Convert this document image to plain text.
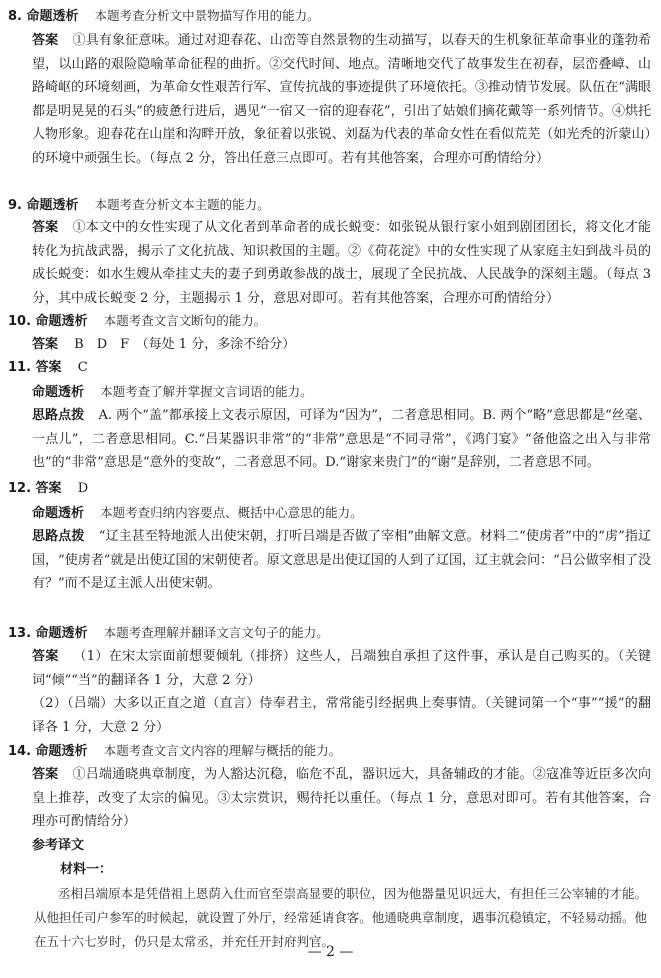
8. 命题透析 本题考查分析文中景物描写作用的能力。

答案 ①具有象征意味。通过对迎春花、山峦等自然景物的生动描写，以春天的生机象征革命事业的蓬勃希望，以山路的艰险隐喻革命征程的曲折。②交代时间、地点。清晰地交代了故事发生在初春，层峦叠嶂、山路崎岖的环境刻画，为革命女性艰苦行军、宣传抗战的事迹提供了环境依托。③推动情节发展。队伍在“满眼都是明晃晃的石头”的疲惫行进后，遇见“一宿又一宿的迎春花”，引出了姑娘们摘花戴等一系列情节。④烘托人物形象。迎春花在山崖和沟畔开放，象征着以张锐、刘磊为代表的革命女性在看似荒芜（如光秃的沂蒙山）的环境中顽强生长。（每点 2 分，答出任意三点即可。若有其他答案，合理亦可酌情给分）

9. 命题透析 本题考查分析文本主题的能力。

答案 ①本文中的女性实现了从文化者到革命者的成长蜕变：如张锐从银行家小姐到剧团团长，将文化才能转化为抗战武器，揭示了文化抗战、知识救国的主题。②《荷花淀》中的女性实现了从家庭主妇到战斗员的成长蜕变：如水生嫂从牵挂丈夫的妻子到勇敢参战的战士，展现了全民抗战、人民战争的深刻主题。（每点 3 分，其中成长蜕变 2 分，主题揭示 1 分，意思对即可。若有其他答案，合理亦可酌情给分）

10. 命题透析 本题考查文言文断句的能力。

答案 B　D　F　（每处 1 分，多涂不给分）

11. 答案 C

命题透析 本题考查了解并掌握文言词语的能力。

思路点拨 A. 两个“盖”都承接上文表示原因，可译为“因为”，二者意思相同。B. 两个“略”意思都是“丝毫、一点儿”，二者意思相同。C.“吕某器识非常”的“非常”意思是“不同寻常”，《鸿门宴》“备他盗之出入与非常也”的“非常”意思是“意外的变故”，二者意思不同。D.“谢家来贵门”的“谢”是辞别，二者意思不同。

12. 答案 D

命题透析 本题考查归纳内容要点、概括中心意思的能力。

思路点拨 “辽主甚至特地派人出使宋朝，打听吕端是否做了宰相”曲解文意。材料二“使虏者”中的“虏”指辽国，“使虏者”就是出使辽国的宋朝使者。原文意思是出使辽国的人到了辽国，辽主就会问：“吕公做宰相了没有？”而不是辽主派人出使宋朝。

13. 命题透析 本题考查理解并翻译文言文句子的能力。

答案 （1）在宋太宗面前想要倾轧（排挤）这些人，吕端独自承担了这件事，承认是自己购买的。（关键词“倾”“当”的翻译各 1 分，大意 2 分）

（2）（吕端）大多以正直之道（直言）侍奉君主，常常能引经据典上奏事情。（关键词第一个“事”“援”的翻译各 1 分，大意 2 分）

14. 命题透析 本题考查文言文内容的理解与概括的能力。

答案 ①吕端通晓典章制度，为人豁达沉稳，临危不乱，器识远大，具备辅政的才能。②寇准等近臣多次向皇上推荐，改变了太宗的偏见。③太宗赏识，赐待托以重任。（每点 1 分，意思对即可。若有其他答案，合理亦可酌情给分）

参考译文

材料一：

丞相吕端原本是凭借祖上恩荫入仕而官至崇高显要的职位，因为他器量见识远大，有担任三公宰辅的才能。从他担任司户参军的时候起，就设置了外厅，经常延请食客。他通晓典章制度，遇事沉稳镇定，不轻易动摇。他在五十六七岁时，仍只是太常丞，并充任开封府判官。

— 2 —
